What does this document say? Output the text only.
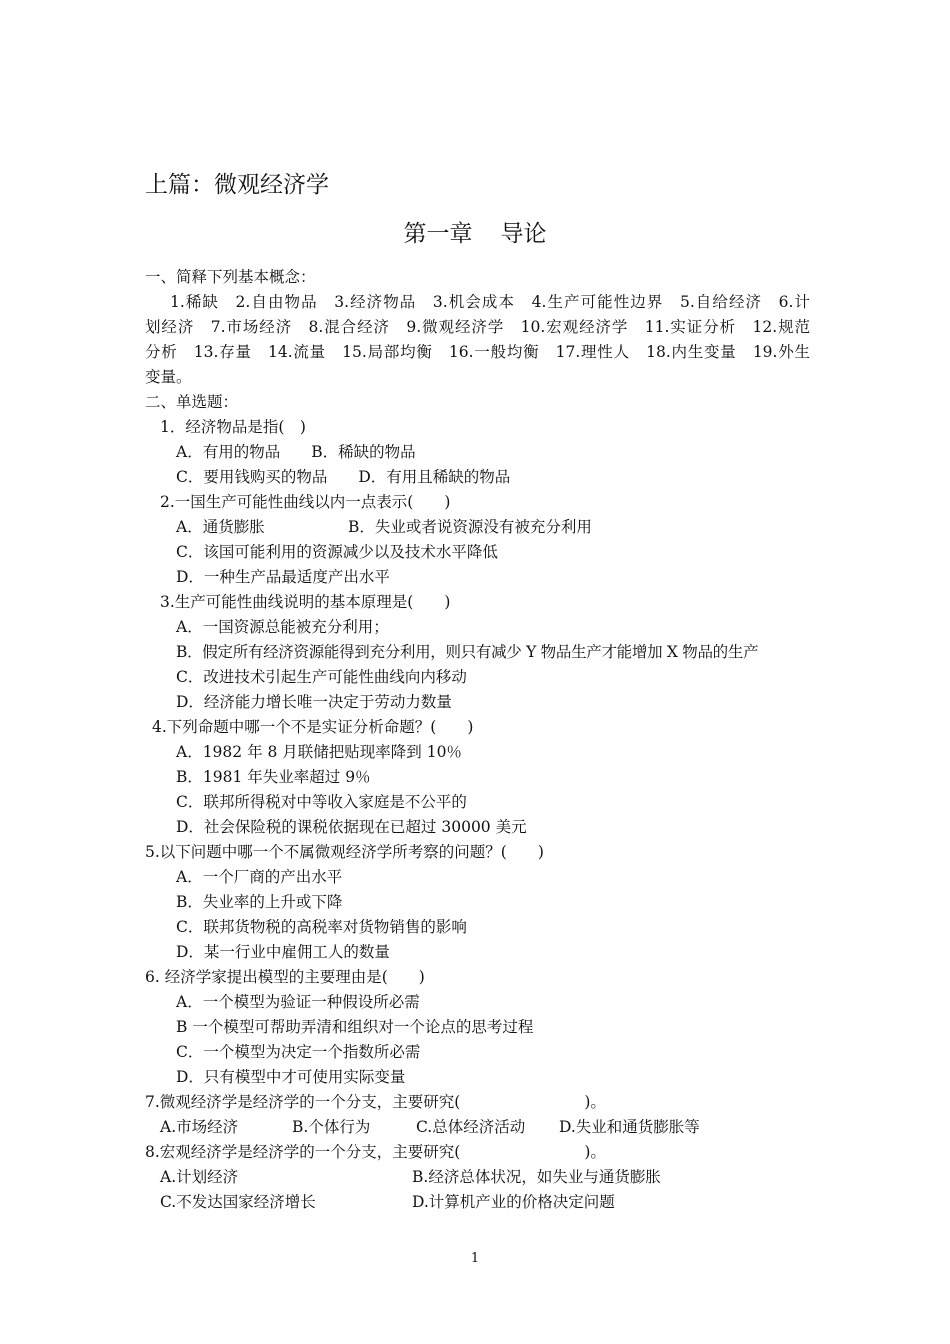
上篇：微观经济学
第一章 导论
一、简释下列基本概念：
1.稀缺　2.自由物品　3.经济物品　3.机会成本　4.生产可能性边界　5.自给经济　6.计
划经济　7.市场经济　8.混合经济　9.微观经济学　10.宏观经济学　11.实证分析　12.规范
分析　13.存量　14.流量　15.局部均衡　16.一般均衡　17.理性人　18.内生变量　19.外生
变量。
二、单选题：
1．经济物品是指(　)
A．有用的物品　　B．稀缺的物品
C．要用钱购买的物品　　D．有用且稀缺的物品
2.一国生产可能性曲线以内一点表示(　　)
A．通货膨胀	B．失业或者说资源没有被充分利用
C．该国可能利用的资源减少以及技术水平降低
D．一种生产品最适度产出水平
3.生产可能性曲线说明的基本原理是(　　)
A．一国资源总能被充分利用；
B．假定所有经济资源能得到充分利用，则只有减少 Y 物品生产才能增加 X 物品的生产
C．改进技术引起生产可能性曲线向内移动
D．经济能力增长唯一决定于劳动力数量
4.下列命题中哪一个不是实证分析命题？(　　)
A．1982 年 8 月联储把贴现率降到 10％
B．1981 年失业率超过 9％
C．联邦所得税对中等收入家庭是不公平的
D．社会保险税的课税依据现在已超过 30000 美元
5.以下问题中哪一个不属微观经济学所考察的问题？(　　)
A．一个厂商的产出水平
B．失业率的上升或下降
C．联邦货物税的高税率对货物销售的影响
D．某一行业中雇佣工人的数量
6. 经济学家提出模型的主要理由是(　　)
A．一个模型为验证一种假设所必需
B 一个模型可帮助弄清和组织对一个论点的思考过程
C．一个模型为决定一个指数所必需
D．只有模型中才可使用实际变量
7.微观经济学是经济学的一个分支，主要研究(　　　　　　　　)。
A.市场经济	B.个体行为	C.总体经济活动 D.失业和通货膨胀等
8.宏观经济学是经济学的一个分支，主要研究(　　　　　　　　)。
A.计划经济	B.经济总体状况，如失业与通货膨胀
C.不发达国家经济增长	D.计算机产业的价格决定问题
1
